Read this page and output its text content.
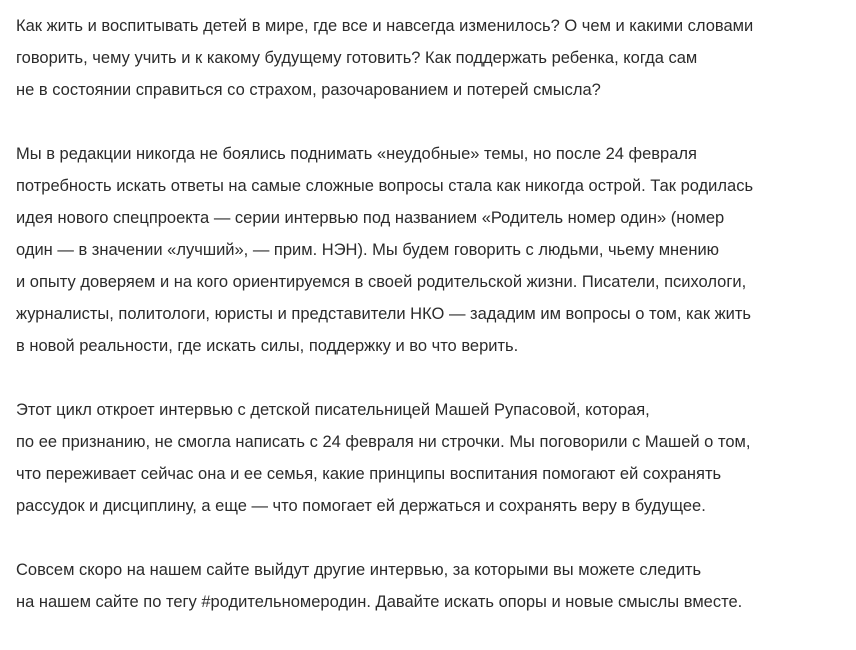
Как жить и воспитывать детей в мире, где все и навсегда изменилось? О чем и какими словами
говорить, чему учить и к какому будущему готовить? Как поддержать ребенка, когда сам
не в состоянии справиться со страхом, разочарованием и потерей смысла?

Мы в редакции никогда не боялись поднимать «неудобные» темы, но после 24 февраля
потребность искать ответы на самые сложные вопросы стала как никогда острой. Так родилась
идея нового спецпроекта — серии интервью под названием «Родитель номер один» (номер
один — в значении «лучший», — прим. НЭН). Мы будем говорить с людьми, чьему мнению
и опыту доверяем и на кого ориентируемся в своей родительской жизни. Писатели, психологи,
журналисты, политологи, юристы и представители НКО — зададим им вопросы о том, как жить
в новой реальности, где искать силы, поддержку и во что верить.

Этот цикл откроет интервью с детской писательницей Машей Рупасовой, которая,
по ее признанию, не смогла написать с 24 февраля ни строчки. Мы поговорили с Машей о том,
что переживает сейчас она и ее семья, какие принципы воспитания помогают ей сохранять
рассудок и дисциплину, а еще — что помогает ей держаться и сохранять веру в будущее.

Совсем скоро на нашем сайте выйдут другие интервью, за которыми вы можете следить
на нашем сайте по тегу #родительномеродин. Давайте искать опоры и новые смыслы вместе.
